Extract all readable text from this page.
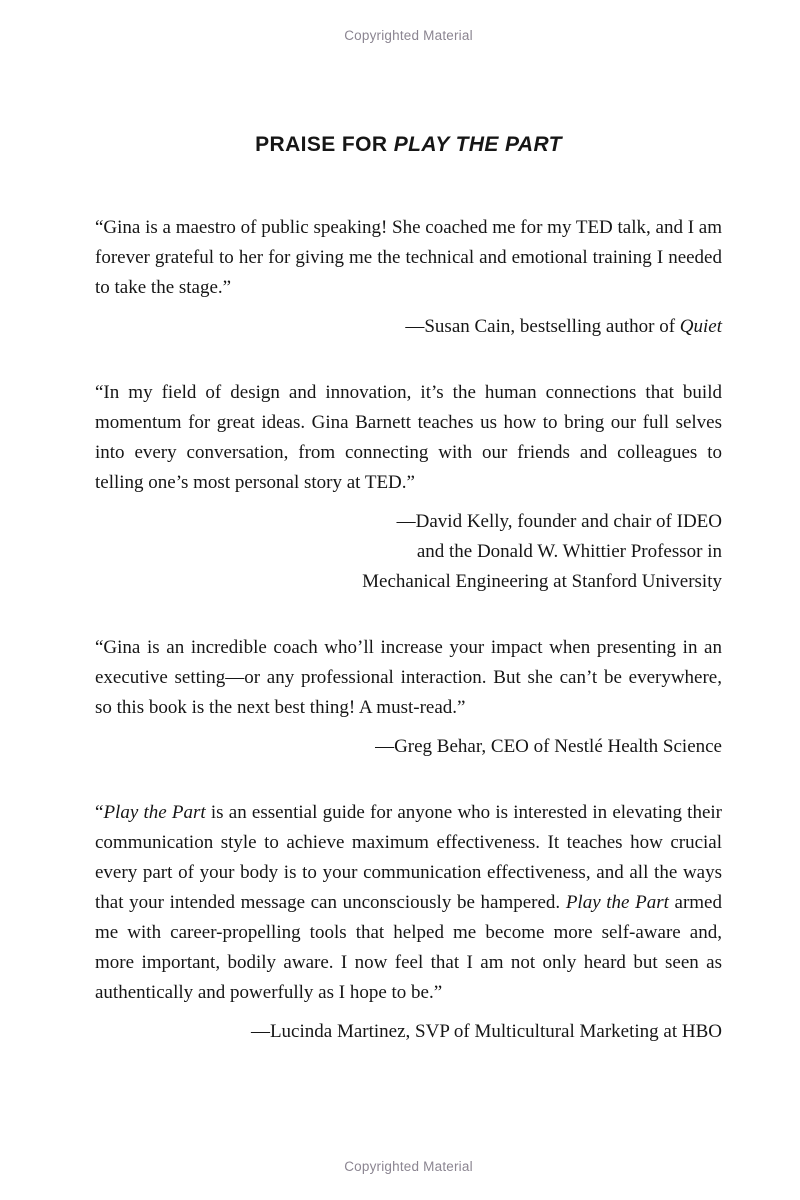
Copyrighted Material
PRAISE FOR PLAY THE PART

“Gina is a maestro of public speaking! She coached me for my TED talk, and I am forever grateful to her for giving me the technical and emotional training I needed to take the stage.”

—Susan Cain, bestselling author of Quiet

“In my field of design and innovation, it’s the human connections that build momentum for great ideas. Gina Barnett teaches us how to bring our full selves into every conversation, from connecting with our friends and colleagues to telling one’s most personal story at TED.”

—David Kelly, founder and chair of IDEO
and the Donald W. Whittier Professor in
Mechanical Engineering at Stanford University

“Gina is an incredible coach who’ll increase your impact when presenting in an executive setting—or any professional interaction. But she can’t be everywhere, so this book is the next best thing! A must-read.”

—Greg Behar, CEO of Nestlé Health Science

“Play the Part is an essential guide for anyone who is interested in elevating their communication style to achieve maximum effectiveness. It teaches how crucial every part of your body is to your communication effectiveness, and all the ways that your intended message can unconsciously be hampered. Play the Part armed me with career-propelling tools that helped me become more self-aware and, more important, bodily aware. I now feel that I am not only heard but seen as authentically and powerfully as I hope to be.”

—Lucinda Martinez, SVP of Multicultural Marketing at HBO

Copyrighted Material
